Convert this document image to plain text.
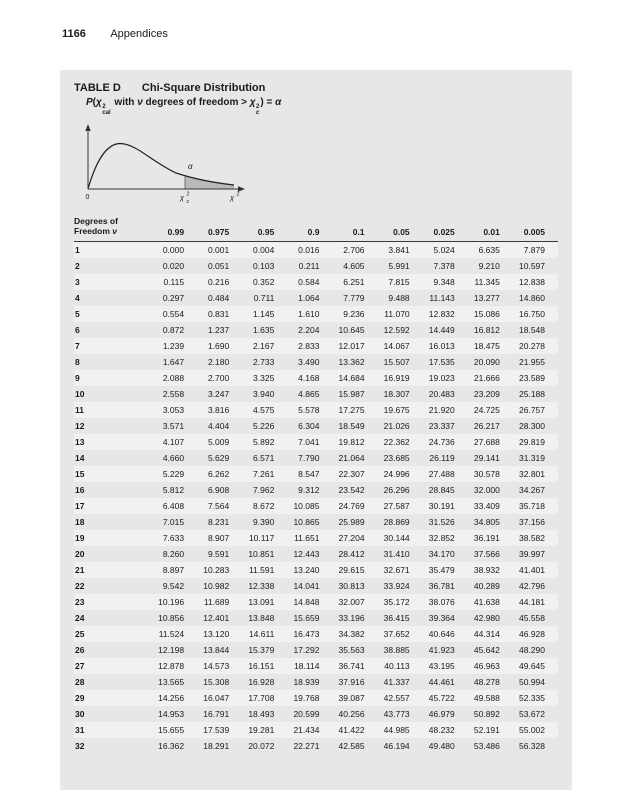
1166 Appendices
TABLE D Chi-Square Distribution
P(χ 2
cal
with ν degrees of freedom > χ 2
c
) = α
α
0	χ 2
c	χ 2
Degrees of
Freedom ν	0.99	0.975	0.95	0.9	0.1	0.05	0.025	0.01	0.005
1	0.000	0.001	0.004	0.016	2.706	3.841	5.024	6.635	7.879
2	0.020	0.051	0.103	0.211	4.605	5.991	7.378	9.210	10.597
3	0.115	0.216	0.352	0.584	6.251	7.815	9.348	11.345	12.838
4	0.297	0.484	0.711	1.064	7.779	9.488	11.143	13.277	14.860
5	0.554	0.831	1.145	1.610	9.236	11.070	12.832	15.086	16.750
6	0.872	1.237	1.635	2.204	10.645	12.592	14.449	16.812	18.548
7	1.239	1.690	2.167	2.833	12.017	14.067	16.013	18.475	20.278
8	1.647	2.180	2.733	3.490	13.362	15.507	17.535	20.090	21.955
9	2.088	2.700	3.325	4.168	14.684	16.919	19.023	21.666	23.589
10	2.558	3.247	3.940	4.865	15.987	18.307	20.483	23.209	25.188
11	3.053	3.816	4.575	5.578	17.275	19.675	21.920	24.725	26.757
12	3.571	4.404	5.226	6.304	18.549	21.026	23.337	26.217	28.300
13	4.107	5.009	5.892	7.041	19.812	22.362	24.736	27.688	29.819
14	4.660	5.629	6.571	7.790	21.064	23.685	26.119	29.141	31.319
15	5.229	6.262	7.261	8.547	22.307	24.996	27.488	30.578	32.801
16	5.812	6.908	7.962	9.312	23.542	26.296	28.845	32.000	34.267
17	6.408	7.564	8.672	10.085	24.769	27.587	30.191	33.409	35.718
18	7.015	8.231	9.390	10.865	25.989	28.869	31.526	34.805	37.156
19	7.633	8.907	10.117	11.651	27.204	30.144	32.852	36.191	38.582
20	8.260	9.591	10.851	12.443	28.412	31.410	34.170	37.566	39.997
21	8.897	10.283	11.591	13.240	29.615	32.671	35.479	38.932	41.401
22	9.542	10.982	12.338	14.041	30.813	33.924	36.781	40.289	42.796
23	10.196	11.689	13.091	14.848	32.007	35.172	38.076	41.638	44.181
24	10.856	12.401	13.848	15.659	33.196	36.415	39.364	42.980	45.558
25	11.524	13.120	14.611	16.473	34.382	37.652	40.646	44.314	46.928
26	12.198	13.844	15.379	17.292	35.563	38.885	41.923	45.642	48.290
27	12.878	14.573	16.151	18.114	36.741	40.113	43.195	46.963	49.645
28	13.565	15.308	16.928	18.939	37.916	41.337	44.461	48.278	50.994
29	14.256	16.047	17.708	19.768	39.087	42.557	45.722	49.588	52.335
30	14.953	16.791	18.493	20.599	40.256	43.773	46.979	50.892	53.672
31	15.655	17.539	19.281	21.434	41.422	44.985	48.232	52.191	55.002
32	16.362	18.291	20.072	22.271	42.585	46.194	49.480	53.486	56.328
